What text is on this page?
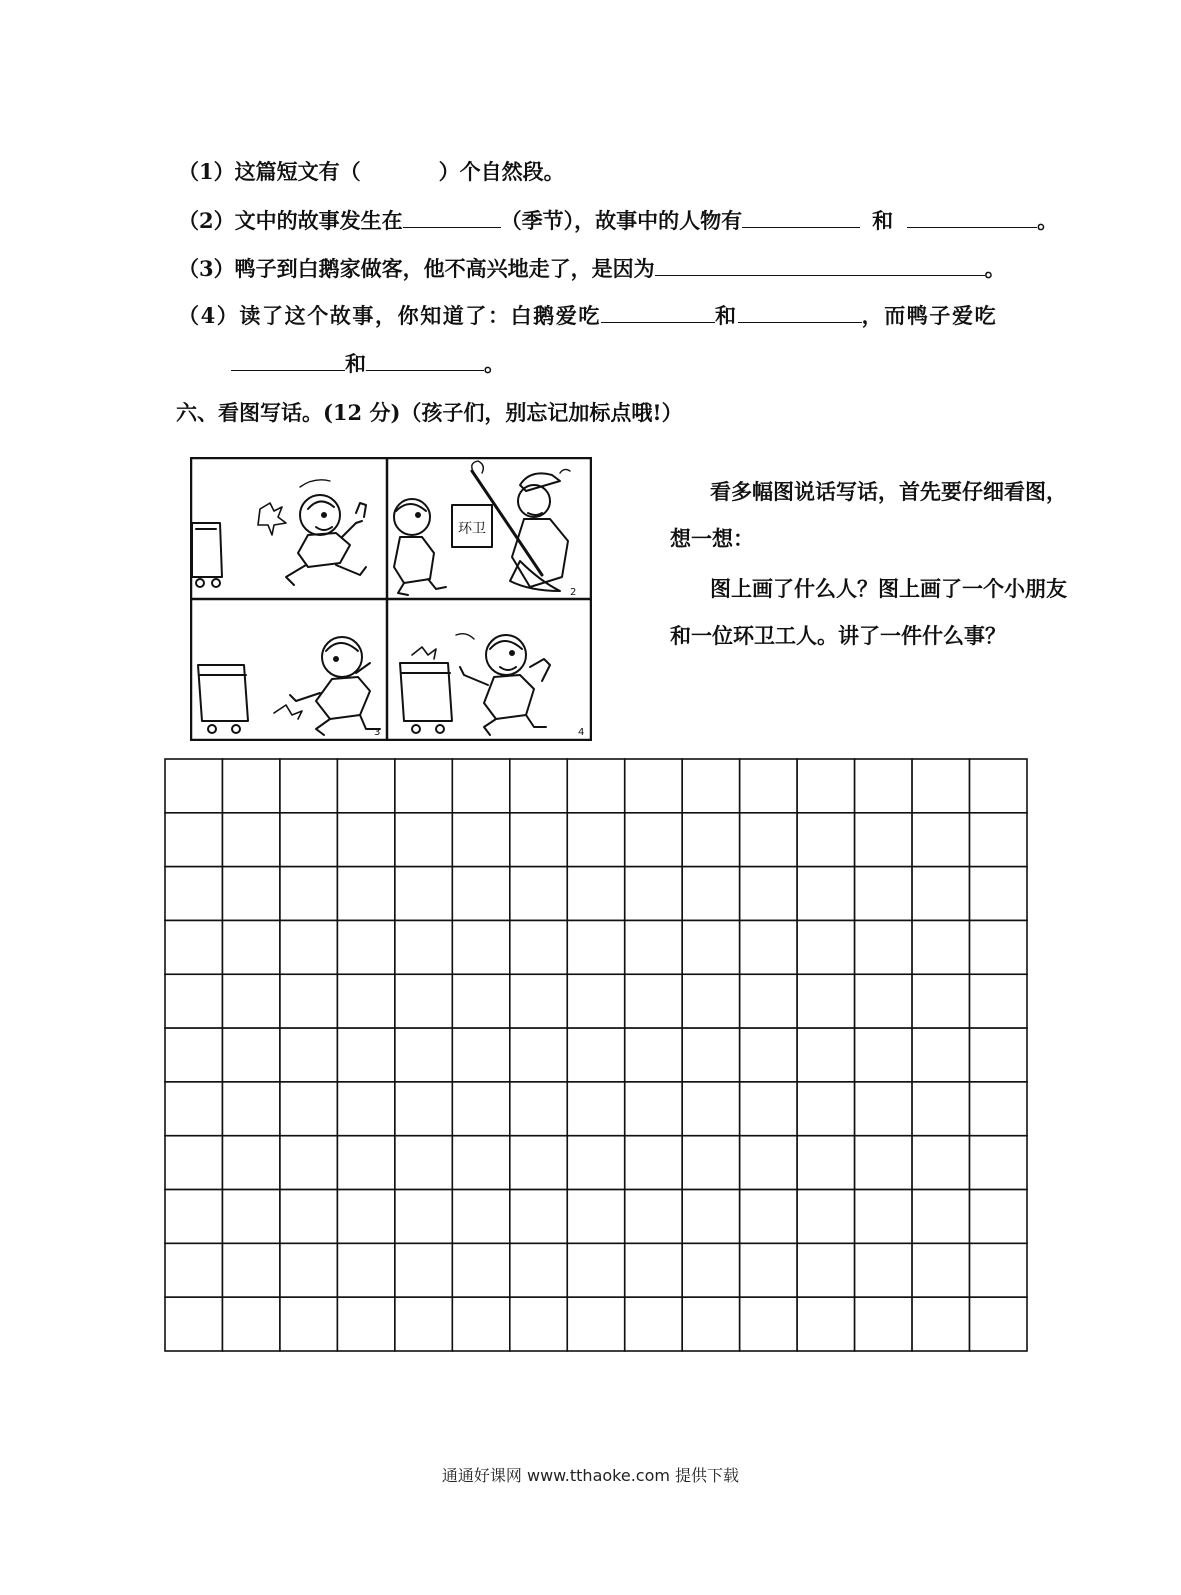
（1）这篇短文有（	）个自然段。
（2）文中的故事发生在	（季节），故事中的人物有	和	。
（3）鸭子到白鹅家做客，他不高兴地走了，是因为	。
（4）读了这个故事，你知道了：白鹅爱吃	和	，而鸭子爱吃
和	。
六、看图写话。(12 分)（孩子们，别忘记加标点哦!）
环卫
2
3	4
看多幅图说话写话，首先要仔细看图，
想一想：
图上画了什么人？图上画了一个小朋友
和一位环卫工人。讲了一件什么事？
通通好课网 www.tthaoke.com 提供下载
